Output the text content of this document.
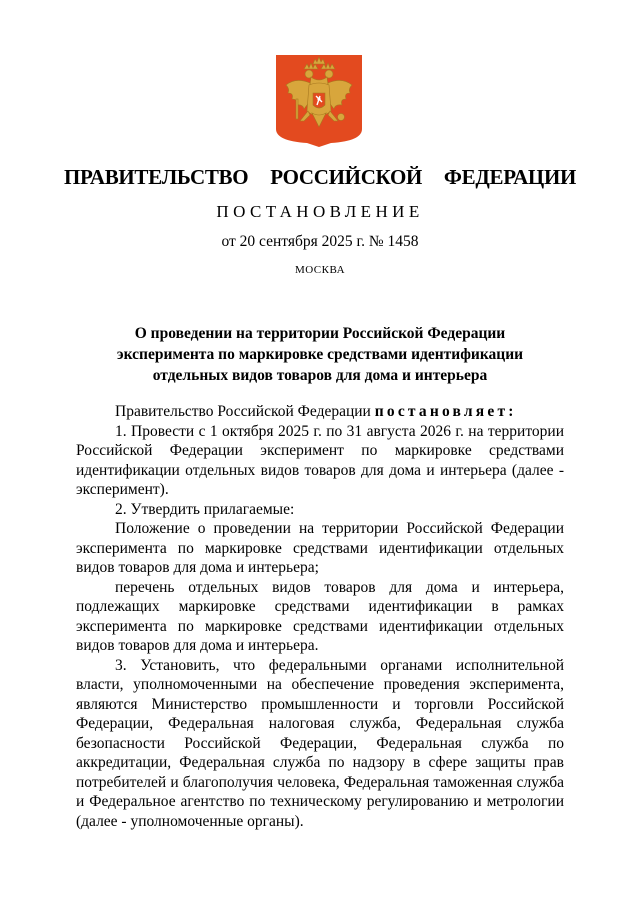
ПРАВИТЕЛЬСТВО  РОССИЙСКОЙ  ФЕДЕРАЦИИ
ПОСТАНОВЛЕНИЕ
от 20 сентября 2025 г. № 1458
МОСКВА
О проведении на территории Российской Федерации
эксперимента по маркировке средствами идентификации
отдельных видов товаров для дома и интерьера

Правительство Российской Федерации постановляет:

1. Провести с 1 октября 2025 г. по 31 августа 2026 г. на территории Российской Федерации эксперимент по маркировке средствами идентификации отдельных видов товаров для дома и интерьера (далее - эксперимент).

2. Утвердить прилагаемые:

Положение о проведении на территории Российской Федерации эксперимента по маркировке средствами идентификации отдельных видов товаров для дома и интерьера;

перечень отдельных видов товаров для дома и интерьера, подлежащих маркировке средствами идентификации в рамках эксперимента по маркировке средствами идентификации отдельных видов товаров для дома и интерьера.

3. Установить, что федеральными органами исполнительной власти, уполномоченными на обеспечение проведения эксперимента, являются Министерство промышленности и торговли Российской Федерации, Федеральная налоговая служба, Федеральная служба безопасности Российской Федерации, Федеральная служба по аккредитации, Федеральная служба по надзору в сфере защиты прав потребителей и благополучия человека, Федеральная таможенная служба и Федеральное агентство по техническому регулированию и метрологии (далее - уполномоченные органы).
